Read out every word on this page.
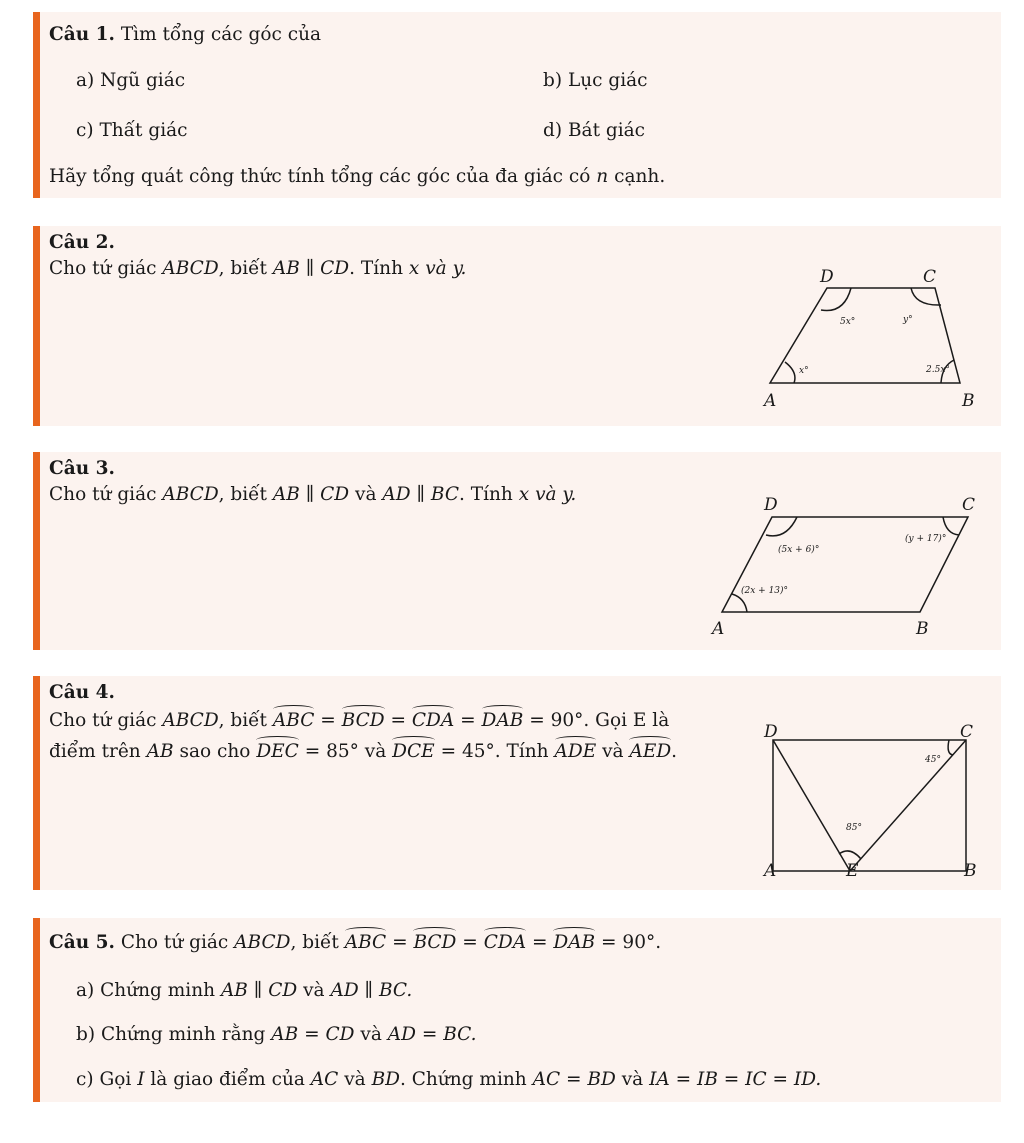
Câu 1. Tìm tổng các góc của
a) Ngũ giác	b) Lục giác
c) Thất giác	d) Bát giác
Hãy tổng quát công thức tính tổng các góc của đa giác có n cạnh.
Câu 2.
Cho tứ giác ABCD, biết AB ∥ CD. Tính x và y.	D	C
A	B
5x°	y°
x°	2.5x°
Câu 3.
Cho tứ giác ABCD, biết AB ∥ CD và AD ∥ BC. Tính x và y.	D	C
A	B
(5x + 6)°
(y + 17)°
(2x + 13)°
Câu 4.
Cho tứ giác ABCD, biết ABC = BCD = CDA = DAB = 90°. Gọi E là
điểm trên AB sao cho DEC = 85° và DCE = 45°. Tính ADE và AED.
D	C
A	E	B
45°
85°
Câu 5. Cho tứ giác ABCD, biết ABC = BCD = CDA = DAB = 90°.
a) Chứng minh AB ∥ CD và AD ∥ BC.
b) Chứng minh rằng AB = CD và AD = BC.
c) Gọi I là giao điểm của AC và BD. Chứng minh AC = BD và IA = IB = IC = ID.
